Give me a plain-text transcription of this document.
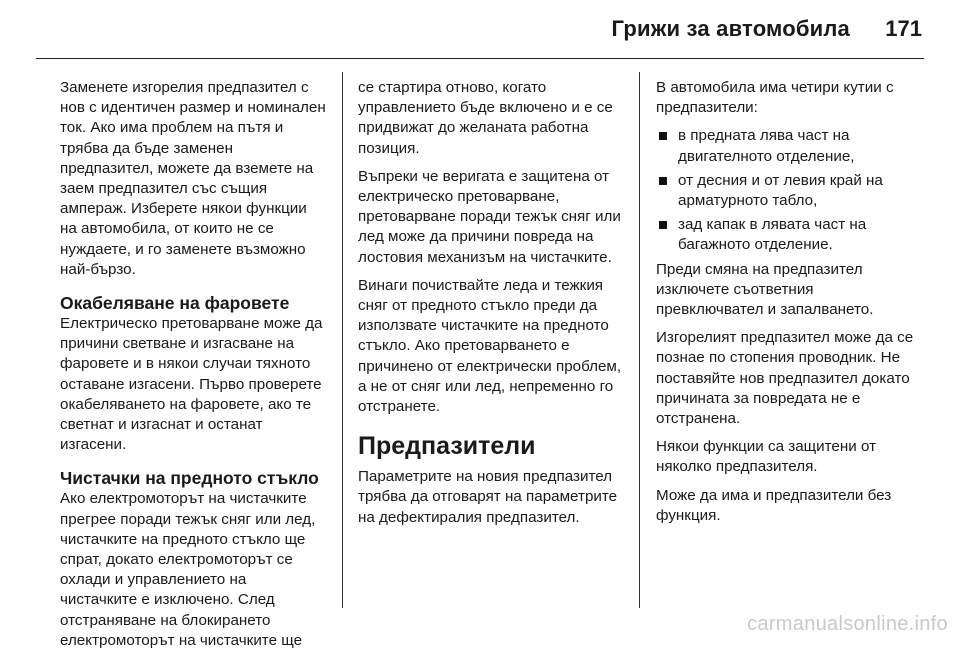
Грижи за автомобила 171

Заменете изгорелия предпазител с нов с идентичен размер и номинален ток. Ако има проблем на пътя и трябва да бъде заменен предпазител, можете да вземете на заем предпазител със същия ампераж. Изберете някои функции на автомобила, от които не се нуждаете, и го заменете възможно най-бързо.

Окабеляване на фаровете

Електрическо претоварване може да причини светване и изгасване на фаровете и в някои случаи тяхното оставане изгасени. Първо проверете окабеляването на фаровете, ако те светнат и изгаснат и останат изгасени.

Чистачки на предното стъкло

Ако електромоторът на чистачките прегрее поради тежък сняг или лед, чистачките на предното стъкло ще спрат, докато електромоторът се охлади и управлението на чистачките е изключено. След отстраняване на блокирането електромоторът на чистачките ще

се стартира отново, когато управлението бъде включено и е се придвижат до желаната работна позиция.

Въпреки че веригата е защитена от електрическо претоварване, претоварване поради тежък сняг или лед може да причини повреда на лостовия механизъм на чистачките.

Винаги почиствайте леда и тежкия сняг от предното стъкло преди да използвате чистачките на предното стъкло. Ако претоварването е причинено от електрически проблем, а не от сняг или лед, непременно го отстранете.

Предпазители

Параметрите на новия предпазител трябва да отговарят на параметрите на дефектиралия предпазител.

В автомобила има четири кутии с предпазители:

в предната лява част на двигателното отделение,
от десния и от левия край на арматурното табло,
зад капак в лявата част на багажното отделение.

Преди смяна на предпазител изключете съответния превключвател и запалването.

Изгорелият предпазител може да се познае по стопения проводник. Не поставяйте нов предпазител докато причината за повредата не е отстранена.

Някои функции са защитени от няколко предпазителя.

Може да има и предпазители без функция.

carmanualsonline.info
